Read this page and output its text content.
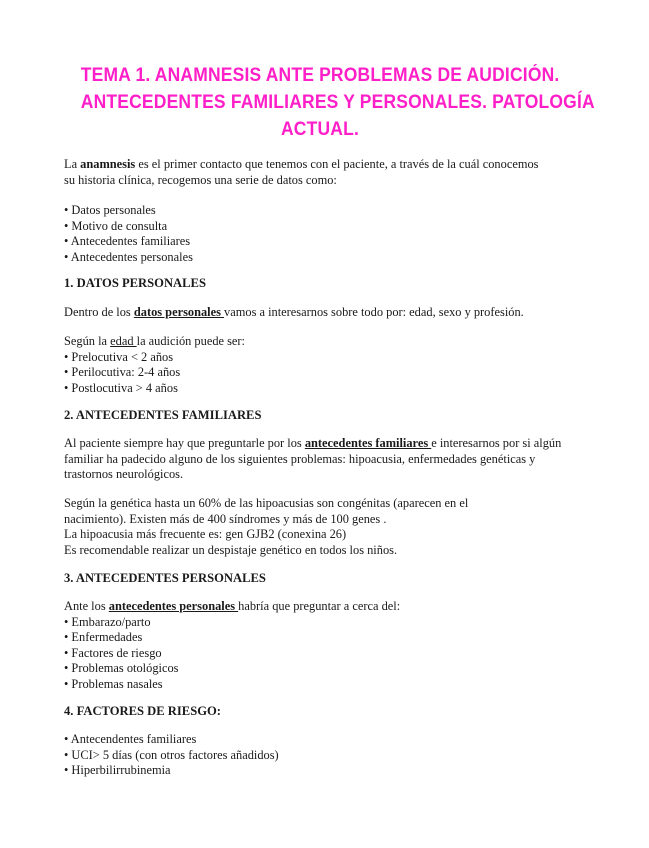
TEMA 1. ANAMNESIS ANTE PROBLEMAS DE AUDICIÓN.
ANTECEDENTES FAMILIARES Y PERSONALES. PATOLOGÍA
ACTUAL.
La anamnesis es el primer contacto que tenemos con el paciente, a través de la cuál conocemos
su historia clínica, recogemos una serie de datos como:
• Datos personales
• Motivo de consulta
• Antecedentes familiares
• Antecedentes personales
1. DATOS PERSONALES
Dentro de los datos personales vamos a interesarnos sobre todo por: edad, sexo y profesión.
Según la edad la audición puede ser:
• Prelocutiva < 2 años
• Perilocutiva: 2-4 años
• Postlocutiva > 4 años
2. ANTECEDENTES FAMILIARES
Al paciente siempre hay que preguntarle por los antecedentes familiares e interesarnos por si algún
familiar ha padecido alguno de los siguientes problemas: hipoacusia, enfermedades genéticas y
trastornos neurológicos.
Según la genética hasta un 60% de las hipoacusias son congénitas (aparecen en el
nacimiento). Existen más de 400 síndromes y más de 100 genes .
La hipoacusia más frecuente es: gen GJB2 (conexina 26)
Es recomendable realizar un despistaje genético en todos los niños.
3. ANTECEDENTES PERSONALES
Ante los antecedentes personales habría que preguntar a cerca del:
• Embarazo/parto
• Enfermedades
• Factores de riesgo
• Problemas otológicos
• Problemas nasales
4. FACTORES DE RIESGO:
• Antecendentes familiares
• UCI> 5 días (con otros factores añadidos)
• Hiperbilirrubinemia
